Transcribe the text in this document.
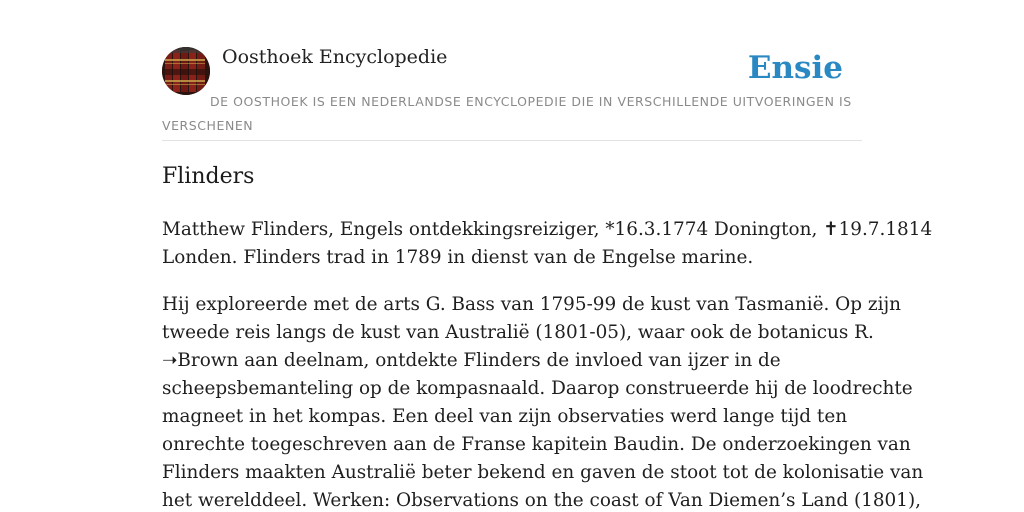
Oosthoek Encyclopedie	Ensie
DE OOSTHOEK IS EEN NEDERLANDSE ENCYCLOPEDIE DIE IN VERSCHILLENDE UITVOERINGEN IS VERSCHENEN
Flinders

Matthew Flinders, Engels ontdekkingsreiziger, *16.3.1774 Donington, ✝19.7.1814
Londen. Flinders trad in 1789 in dienst van de Engelse marine.

Hij exploreerde met de arts G. Bass van 1795-99 de kust van Tasmanië. Op zijn
tweede reis langs de kust van Australië (1801-05), waar ook de botanicus R.
➝Brown aan deelnam, ontdekte Flinders de invloed van ijzer in de
scheepsbemanteling op de kompasnaald. Daarop construeerde hij de loodrechte
magneet in het kompas. Een deel van zijn observaties werd lange tijd ten
onrechte toegeschreven aan de Franse kapitein Baudin. De onderzoekingen van
Flinders maakten Australië beter bekend en gaven de stoot tot de kolonisatie van
het werelddeel. Werken: Observations on the coast of Van Diemen’s Land (1801),
